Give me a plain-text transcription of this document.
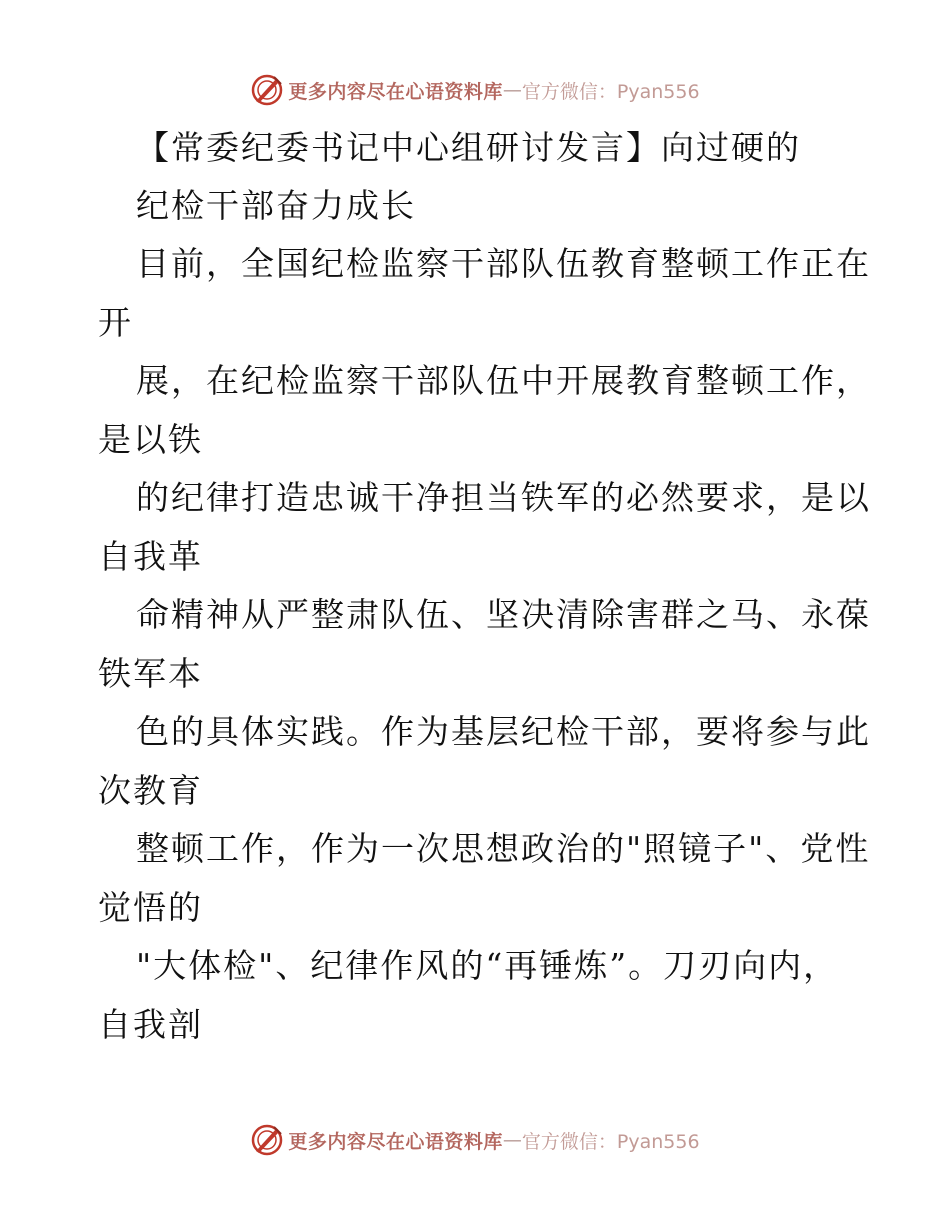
更多内容尽在心语资料库 — 官方微信：Pyan556
【常委纪委书记中心组研讨发言】向过硬的
纪检干部奋力成长
目前，全国纪检监察干部队伍教育整顿工作正在
开
展，在纪检监察干部队伍中开展教育整顿工作，
是以铁
的纪律打造忠诚干净担当铁军的必然要求，是以
自我革
命精神从严整肃队伍、坚决清除害群之马、永葆
铁军本
色的具体实践。作为基层纪检干部，要将参与此
次教育
整顿工作，作为一次思想政治的"照镜子"、党性
觉悟的
"大体检"、纪律作风的“再锤炼”。刀刃向内，
自我剖
更多内容尽在心语资料库 — 官方微信：Pyan556
